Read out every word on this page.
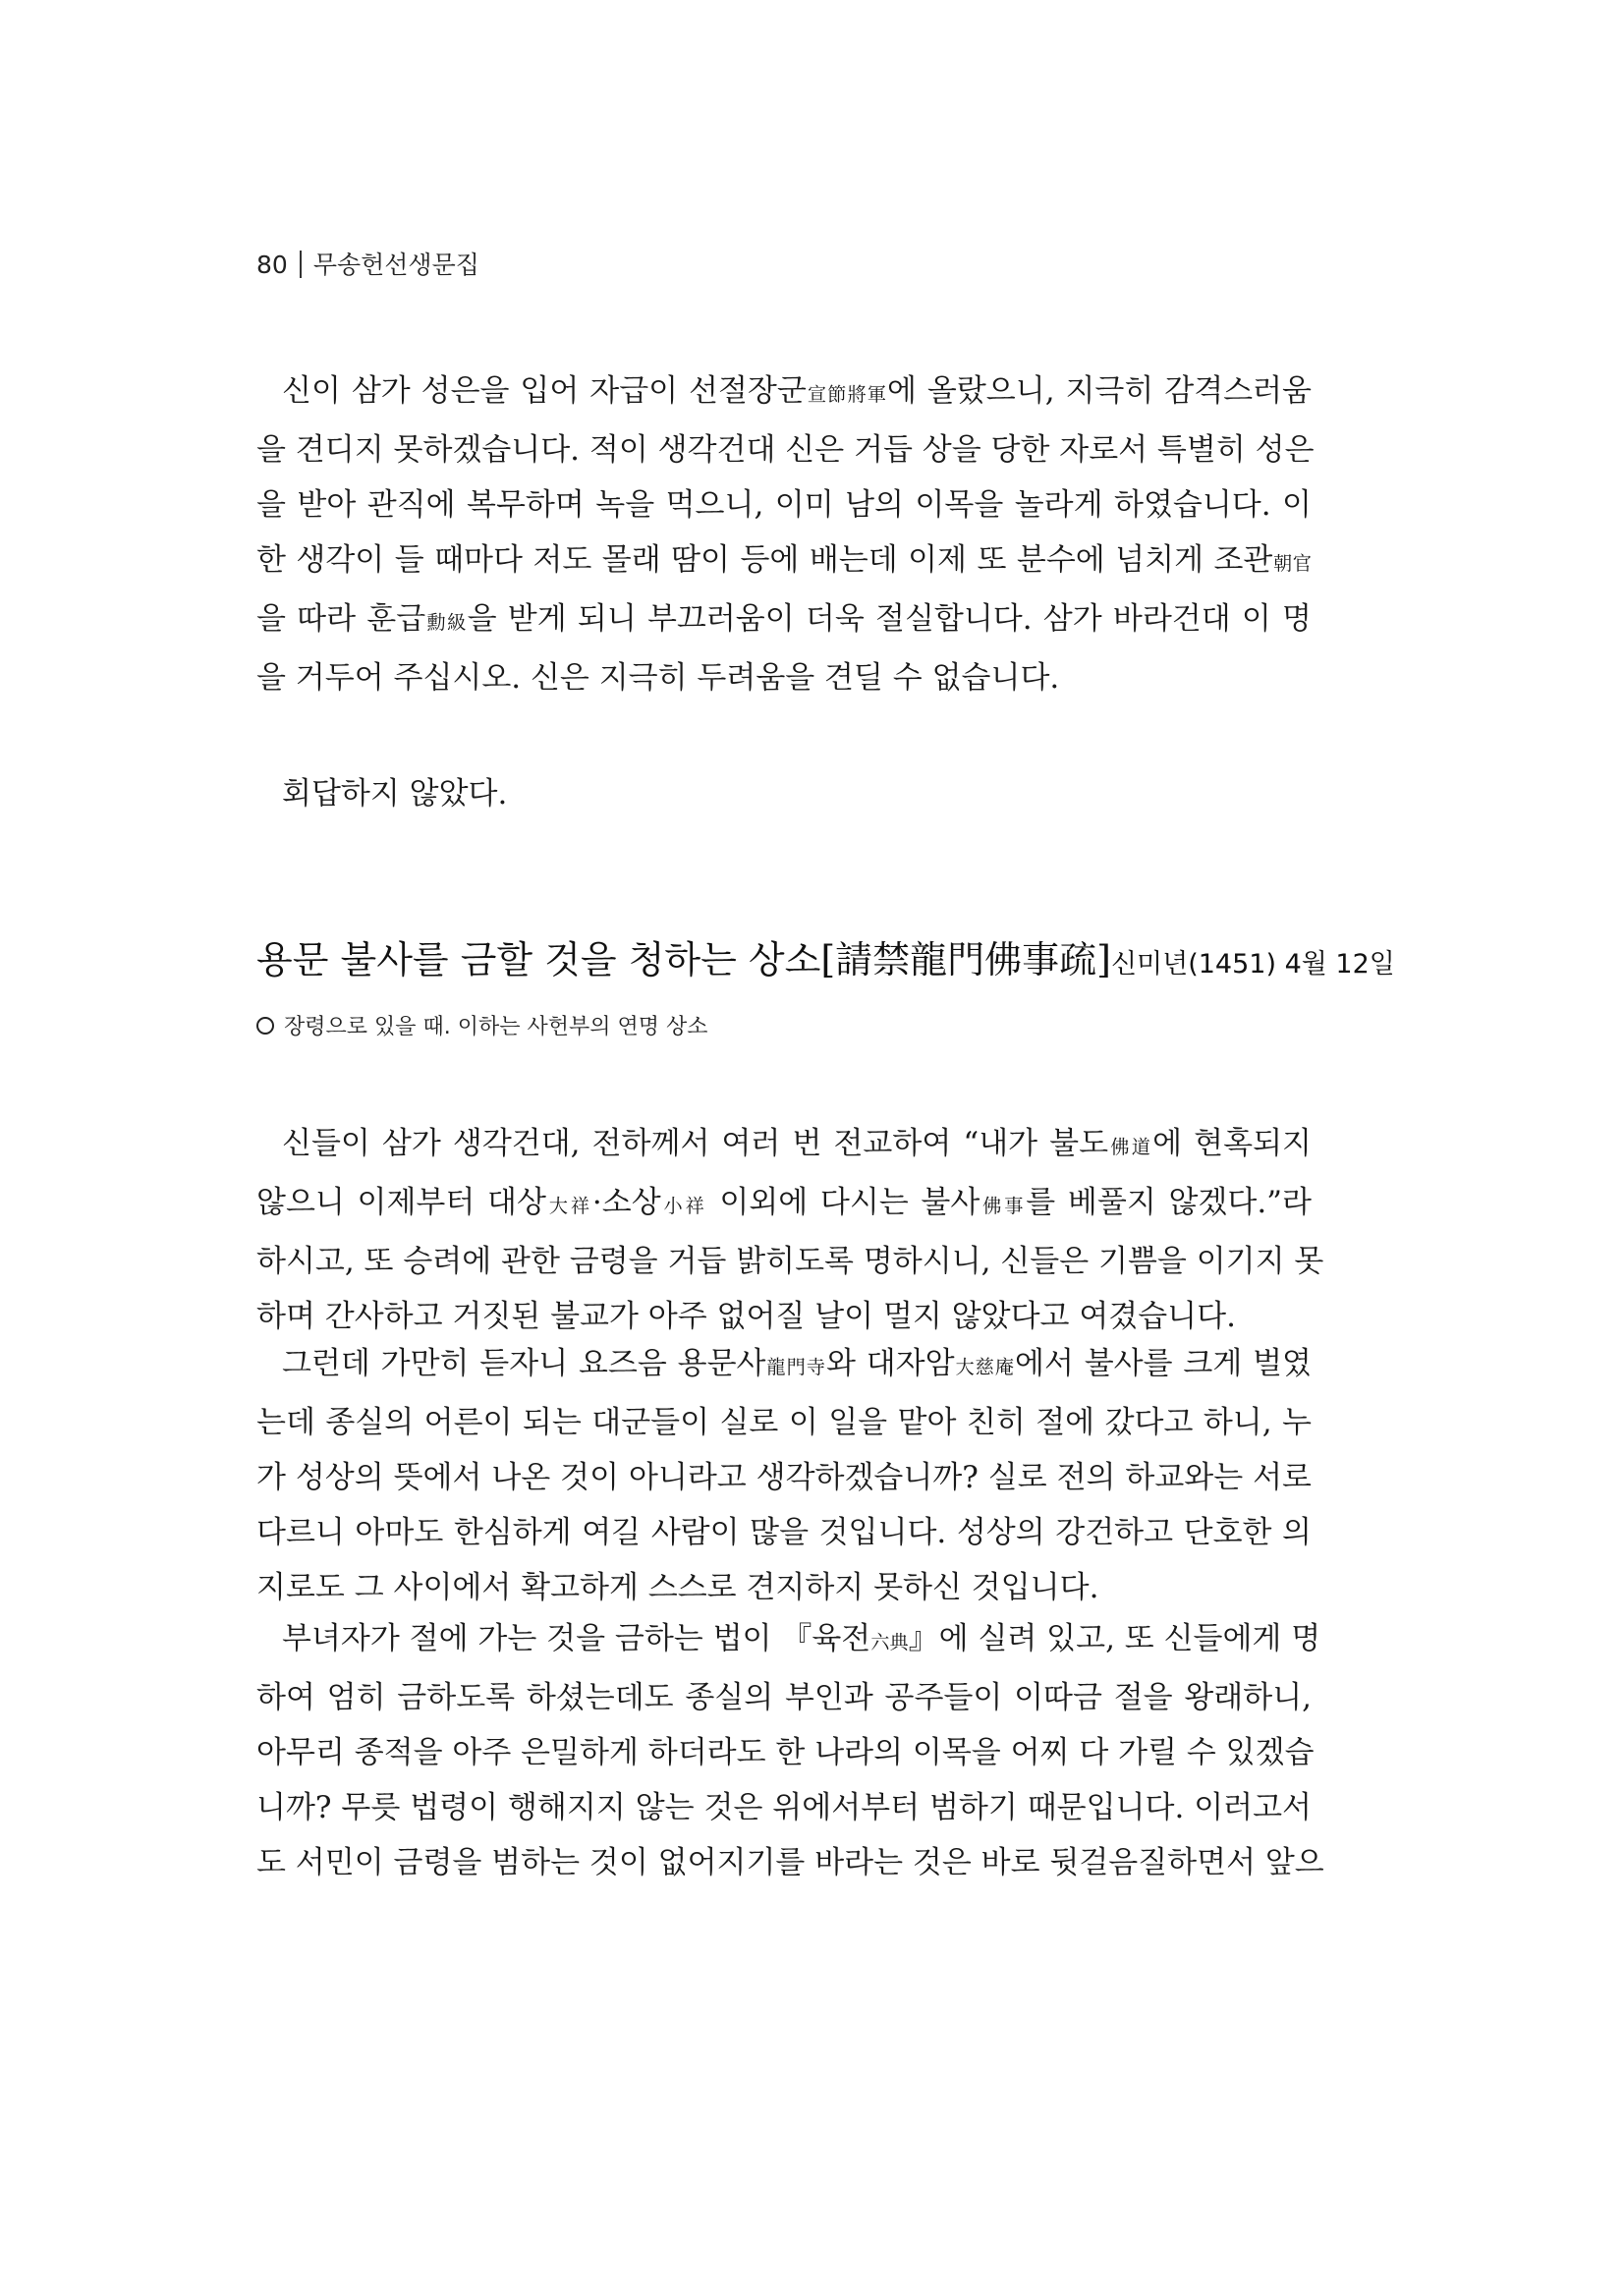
80 무송헌선생문집
신이 삼가 성은을 입어 자급이 선절장군宣節將軍에 올랐으니, 지극히 감격스러움
을 견디지 못하겠습니다. 적이 생각건대 신은 거듭 상을 당한 자로서 특별히 성은
을 받아 관직에 복무하며 녹을 먹으니, 이미 남의 이목을 놀라게 하였습니다. 이
한 생각이 들 때마다 저도 몰래 땀이 등에 배는데 이제 또 분수에 넘치게 조관朝官
을 따라 훈급勳級을 받게 되니 부끄러움이 더욱 절실합니다. 삼가 바라건대 이 명
을 거두어 주십시오. 신은 지극히 두려움을 견딜 수 없습니다.
회답하지 않았다.
용문 불사를 금할 것을 청하는 상소[請禁龍門佛事疏] 신미년(1451) 4월 12일
장령으로 있을 때. 이하는 사헌부의 연명 상소
신들이 삼가 생각건대, 전하께서 여러 번 전교하여 “내가 불도佛道에 현혹되지
않으니 이제부터 대상大祥·소상小祥 이외에 다시는 불사佛事를 베풀지 않겠다.”라
하시고, 또 승려에 관한 금령을 거듭 밝히도록 명하시니, 신들은 기쁨을 이기지 못
하며 간사하고 거짓된 불교가 아주 없어질 날이 멀지 않았다고 여겼습니다.
그런데 가만히 듣자니 요즈음 용문사龍門寺와 대자암大慈庵에서 불사를 크게 벌였
는데 종실의 어른이 되는 대군들이 실로 이 일을 맡아 친히 절에 갔다고 하니, 누
가 성상의 뜻에서 나온 것이 아니라고 생각하겠습니까? 실로 전의 하교와는 서로
다르니 아마도 한심하게 여길 사람이 많을 것입니다. 성상의 강건하고 단호한 의
지로도 그 사이에서 확고하게 스스로 견지하지 못하신 것입니다.
부녀자가 절에 가는 것을 금하는 법이 『육전六典』에 실려 있고, 또 신들에게 명
하여 엄히 금하도록 하셨는데도 종실의 부인과 공주들이 이따금 절을 왕래하니,
아무리 종적을 아주 은밀하게 하더라도 한 나라의 이목을 어찌 다 가릴 수 있겠습
니까? 무릇 법령이 행해지지 않는 것은 위에서부터 범하기 때문입니다. 이러고서
도 서민이 금령을 범하는 것이 없어지기를 바라는 것은 바로 뒷걸음질하면서 앞으
